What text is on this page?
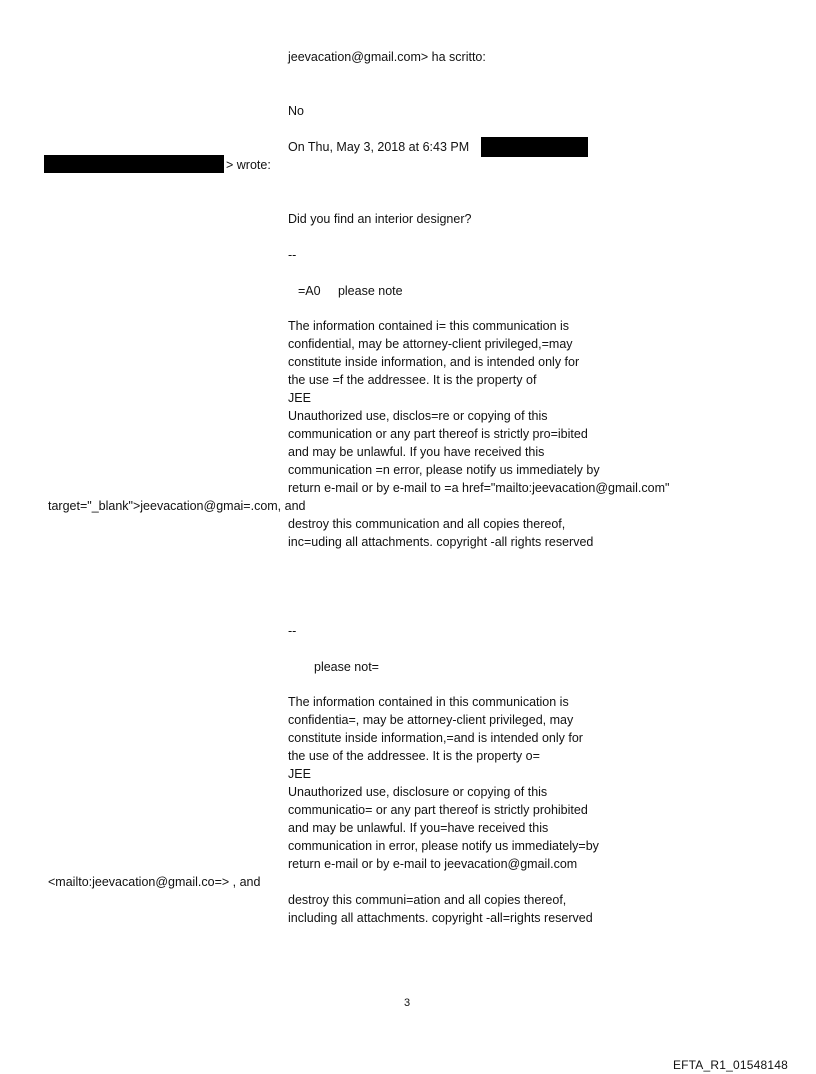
jeevacation@gmail.com> ha scritto:
No
On Thu, May 3, 2018 at 6:43 PM
> wrote:
Did you find an interior designer?
--
=A0     please note
The information contained i= this communication is
confidential, may be attorney-client privileged,=may
constitute inside information, and is intended only for
the use =f the addressee. It is the property of
JEE
Unauthorized use, disclos=re or copying of this
communication or any part thereof is strictly pro=ibited
and may be unlawful. If you have received this
communication =n error, please notify us immediately by
return e-mail or by e-mail to =a href="mailto:jeevacation@gmail.com"
target="_blank">jeevacation@gmai=.com, and
destroy this communication and all copies thereof,
inc=uding all attachments. copyright -all rights reserved
--
please not=
The information contained in this communication is
confidentia=, may be attorney-client privileged, may
constitute inside information,=and is intended only for
the use of the addressee. It is the property o=
JEE
Unauthorized use, disclosure or copying of this
communicatio= or any part thereof is strictly prohibited
and may be unlawful. If you=have received this
communication in error, please notify us immediately=by
return e-mail or by e-mail to jeevacation@gmail.com
<mailto:jeevacation@gmail.co=> , and
destroy this communi=ation and all copies thereof,
including all attachments. copyright -all=rights reserved
3
EFTA_R1_01548148
